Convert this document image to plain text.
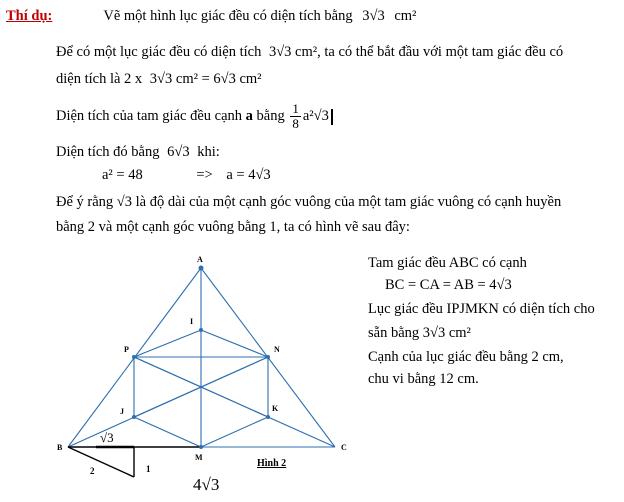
Thí dụ:	Vẽ một hình lục giác đều có diện tích bằng 3√3 cm²
Để có một lục giác đều có diện tích 3√3 cm², ta có thể bắt đầu với một tam giác đều có
diện tích là 2 x 3√3 cm² = 6√3 cm²
Diện tích của tam giác đều cạnh a bằng $\frac{1}{8} a^2√3$
Diện tích đó bằng 6√3 khi:
a² = 48	=> a = 4√3
Để ý rằng √3 là độ dài của một cạnh góc vuông của một tam giác vuông có cạnh huyền
bằng 2 và một cạnh góc vuông bằng 1, ta có hình vẽ sau đây:
Tam giác đều ABC có cạnh
BC = CA = AB = 4√3
Lục giác đều IPJMKN có diện tích cho
sẵn bằng 3√3 cm²
Cạnh của lục giác đều bằng 2 cm,
chu vi bằng 12 cm.
A
I
P	N
J	K
M
B	C
√3
2	1
4√3
Hình 2
